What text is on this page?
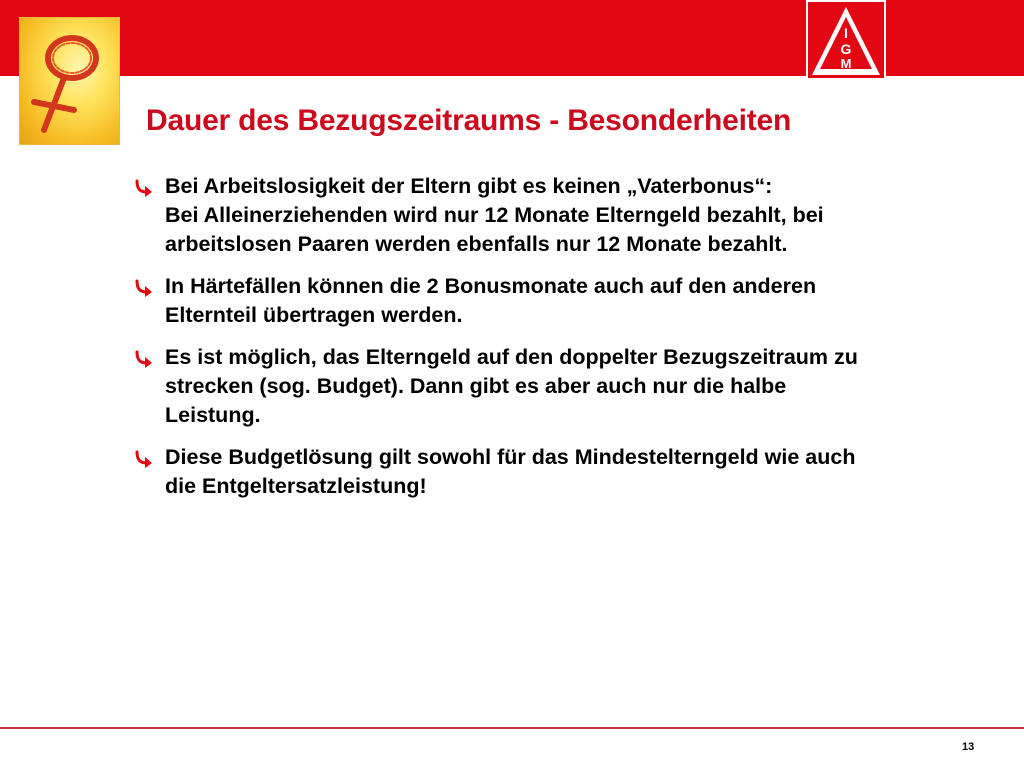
I
G
M
Dauer des Bezugszeitraums - Besonderheiten
Bei Arbeitslosigkeit der Eltern gibt es keinen „Vaterbonus“:
Bei Alleinerziehenden wird nur 12 Monate Elterngeld bezahlt, bei
arbeitslosen Paaren werden ebenfalls nur 12 Monate bezahlt.
In Härtefällen können die 2 Bonusmonate auch auf den anderen
Elternteil übertragen werden.
Es ist möglich, das Elterngeld auf den doppelter Bezugszeitraum zu
strecken (sog. Budget). Dann gibt es aber auch nur die halbe
Leistung.
Diese Budgetlösung gilt sowohl für das Mindestelterngeld wie auch
die Entgeltersatzleistung!
13
